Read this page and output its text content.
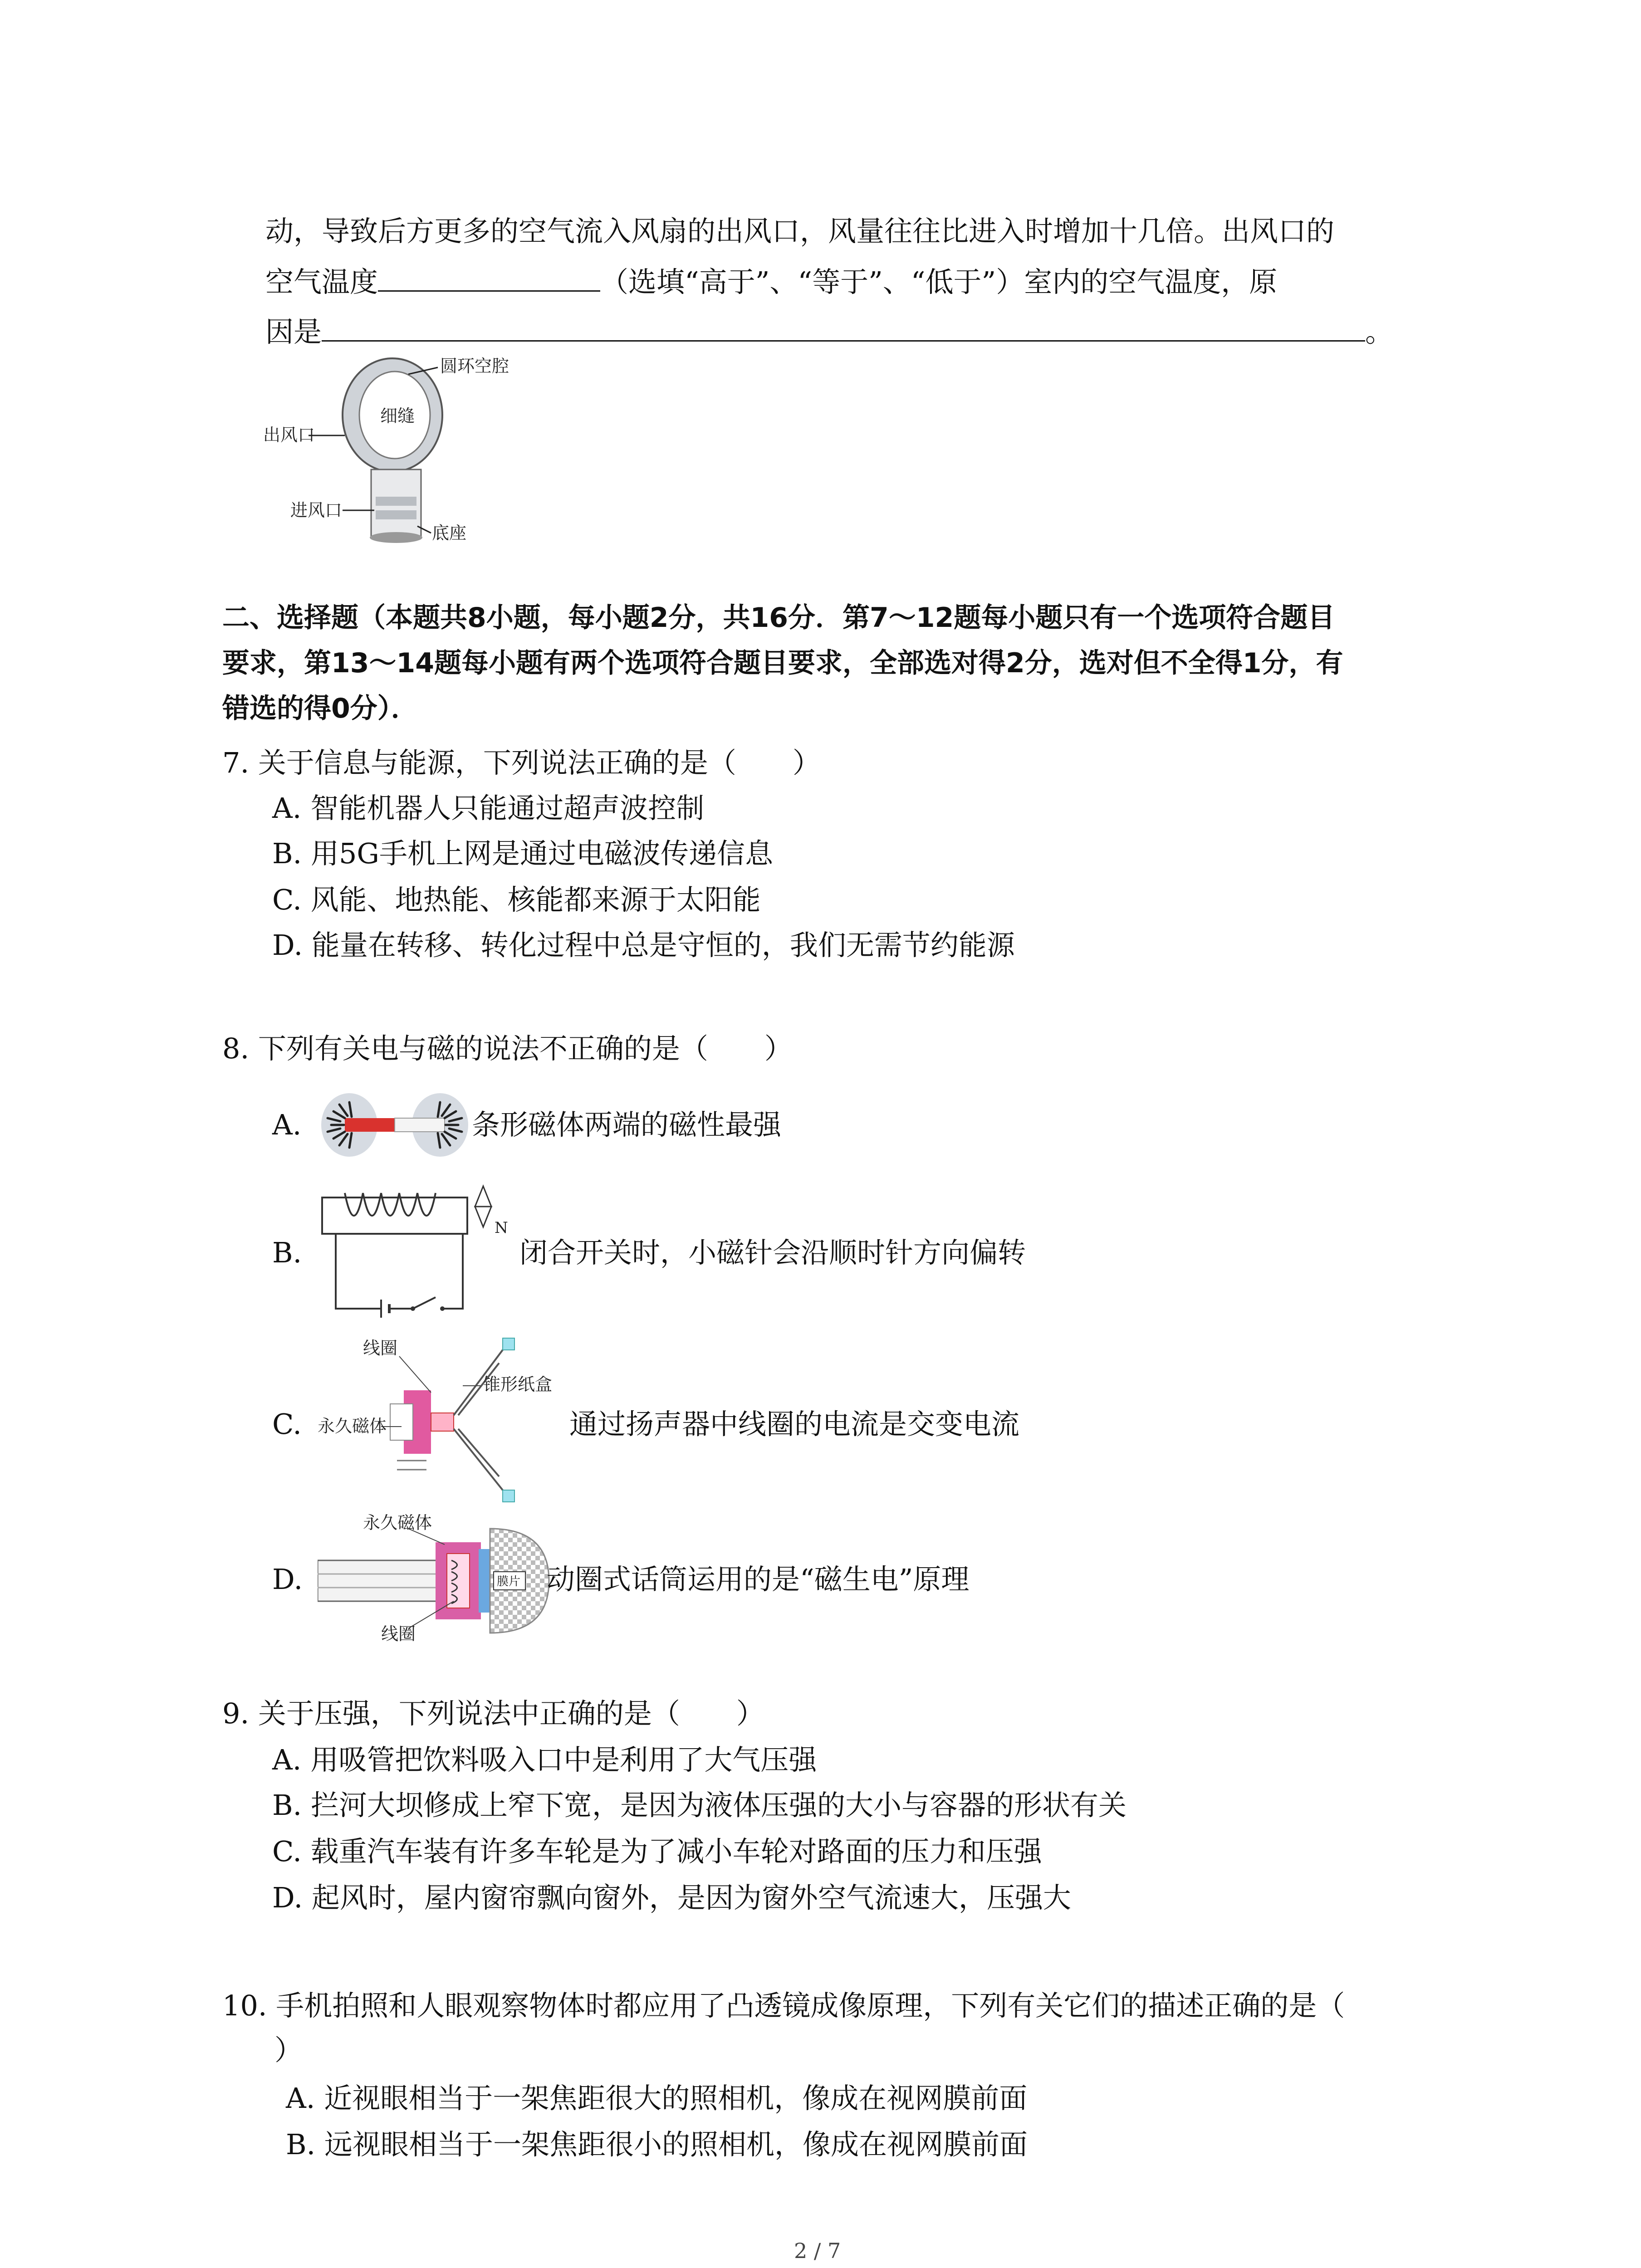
动，导致后方更多的空气流入风扇的出风口，风量往往比进入时增加十几倍。出风口的
空气温度	（选填“高于”、“等于”、“低于”）室内的空气温度，原
因是	。
圆环空腔
细缝
出风口
进风口
底座
二、选择题（本题共8小题，每小题2分，共16分．第7～12题每小题只有一个选项符合题目
要求，第13～14题每小题有两个选项符合题目要求，全部选对得2分，选对但不全得1分，有
错选的得0分）．
7. 关于信息与能源，下列说法正确的是（　　）
A. 智能机器人只能通过超声波控制
B. 用5G手机上网是通过电磁波传递信息
C. 风能、地热能、核能都来源于太阳能
D. 能量在转移、转化过程中总是守恒的，我们无需节约能源
8. 下列有关电与磁的说法不正确的是（　　）
A.	条形磁体两端的磁性最强
B.
N
闭合开关时，小磁针会沿顺时针方向偏转
C.
线圈
锥形纸盒
永久磁体	通过扬声器中线圈的电流是交变电流
D.	膜片
永久磁体
线圈
动圈式话筒运用的是“磁生电”原理
9. 关于压强，下列说法中正确的是（　　）
A. 用吸管把饮料吸入口中是利用了大气压强
B. 拦河大坝修成上窄下宽，是因为液体压强的大小与容器的形状有关
C. 载重汽车装有许多车轮是为了减小车轮对路面的压力和压强
D. 起风时，屋内窗帘飘向窗外，是因为窗外空气流速大，压强大
10. 手机拍照和人眼观察物体时都应用了凸透镜成像原理，下列有关它们的描述正确的是（
）
A. 近视眼相当于一架焦距很大的照相机，像成在视网膜前面
B. 远视眼相当于一架焦距很小的照相机，像成在视网膜前面
2 / 7
